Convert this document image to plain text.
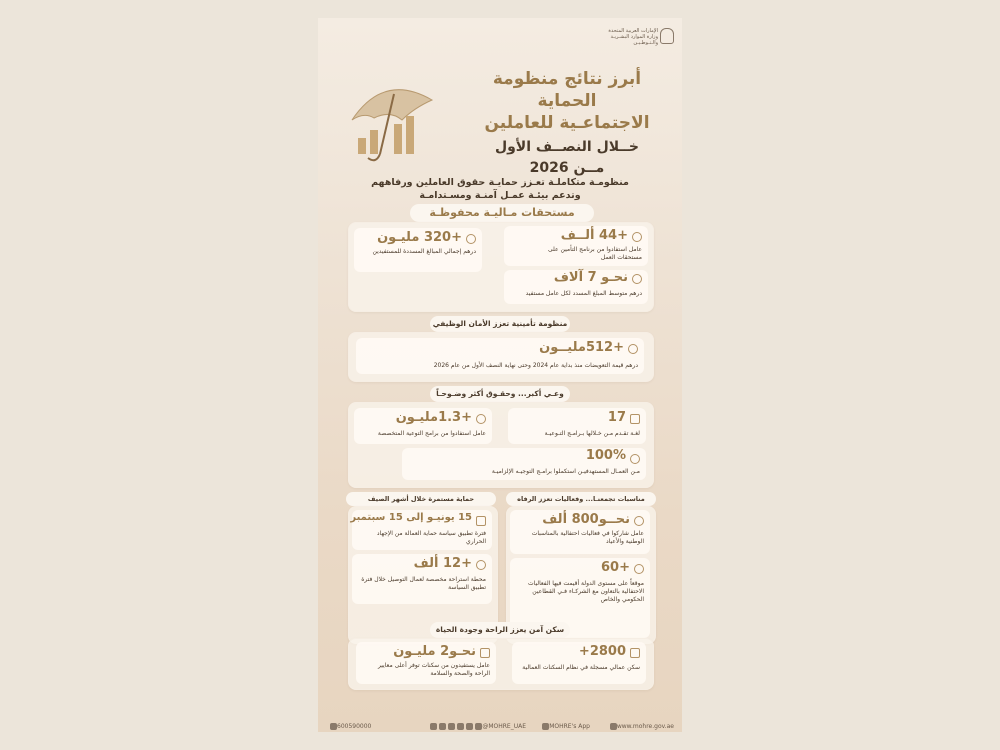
الإمارات العربية المتحدة
وزارة الموارد البشـريـة والـتـوطـيـن
أبرز نتائج منظومة الحماية
الاجتماعـية للعاملين
خــلال النصــف الأول
مــن 2026
منظومـة متكاملـة تعـزز حمايـة حقوق العاملين ورفاههم
وتدعم بيئـة عمـل آمنـة ومسـتدامـة
مستحقات مـاليـة محفوظـة
+44 ألــف
عامل استفادوا من برنامج التأمين على مستحقات العمل
نحـو 7 آلاف
درهم متوسط المبلغ المسدد لكل عامل مستفيد
+320 مليـون
درهم إجمالي المبالغ المسددة للمستفيدين
منظومة تأمينية تعزز الأمان الوظيفي
+512مليــون
درهم قيمة التعويضات منذ بداية عام 2024 وحتى نهاية النصف الأول من عام 2026
وعـي أكبر... وحقـوق أكثر وضـوحـاً
17
لغـة تقـدم مـن خـلالها بـرامـج التـوعيـة
+1.3مليـون
عامل استفادوا من برامج التوعية المتخصصة
100%
مـن العمـال المستهدفيـن استكملوا برامـج التوجيـه الإلزاميـة
مناسبات تجمعنـا... وفعاليات تعزز الرفاه
نحــو800 ألف
عامل شاركوا في فعاليات احتفالية بالمناسبات الوطنية والأعياد
+60
موقعاً على مستوى الدولة أقيمت فيها الفعاليات الاحتفالية بالتعاون مع الشركـاء فـي القطاعين الحكومي والخاص
حماية مستمرة خلال أشهر الصيف
15 يونيـو إلى 15 سبتمبر
فترة تطبيق سياسة حماية العمالة من الإجهاد الحراري
+12 ألف
محطة استراحة مخصصة لعمال التوصيل خلال فترة تطبيق السياسة
سكن آمن يعزز الراحة وجودة الحياة
+2800
سكن عمالي مسجلة في نظام السكنات العمالية
نحـو2 مليـون
عامل يستفيدون من سكنات توفر أعلى معايير الراحة والصحة والسلامة
www.mohre.gov.ae
MOHRE's App
@MOHRE_UAE
600590000
